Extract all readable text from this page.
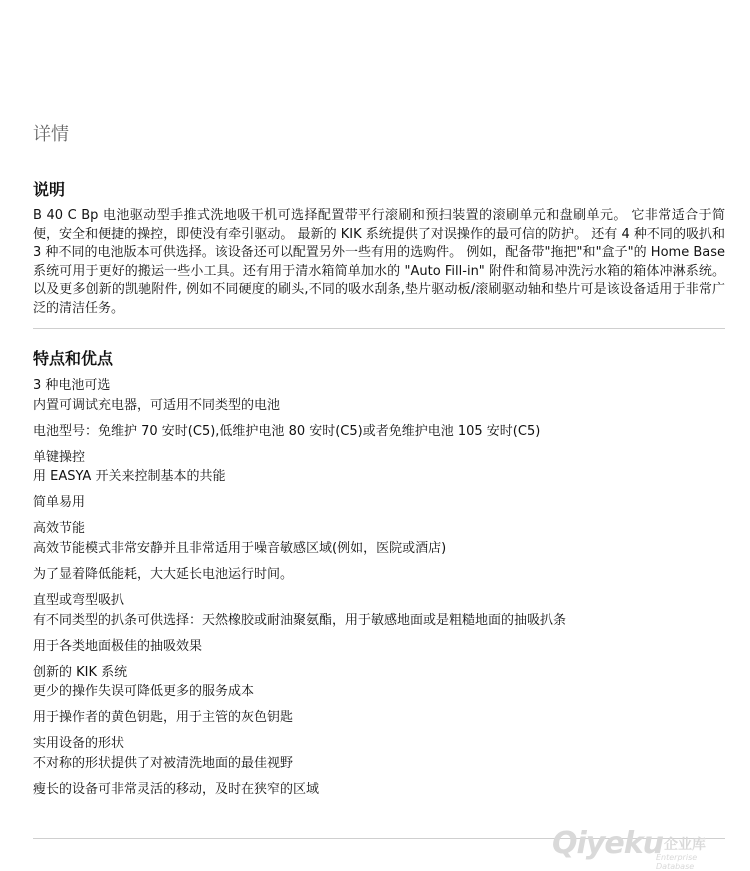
详情
说明

B 40 C Bp 电池驱动型手推式洗地吸干机可选择配置带平行滚刷和预扫装置的滚刷单元和盘刷单元。 它非常适合于简便，安全和便捷的操控，即使没有牵引驱动。 最新的 KIK 系统提供了对误操作的最可信的防护。 还有 4 种不同的吸扒和 3 种不同的电池版本可供选择。该设备还可以配置另外一些有用的选购件。 例如，配备带"拖把"和"盒子"的 Home Base 系统可用于更好的搬运一些小工具。还有用于清水箱简单加水的 "Auto Fill-in" 附件和简易冲洗污水箱的箱体冲淋系统。以及更多创新的凯驰附件, 例如不同硬度的刷头,不同的吸水刮条,垫片驱动板/滚刷驱动轴和垫片可是该设备适用于非常广泛的清洁任务。

特点和优点
3 种电池可选
内置可调试充电器，可适用不同类型的电池
电池型号：免维护 70 安时(C5),低维护电池 80 安时(C5)或者免维护电池 105 安时(C5)
单键操控
用 EASYA 开关来控制基本的共能
简单易用
高效节能
高效节能模式非常安静并且非常适用于噪音敏感区域(例如，医院或酒店)
为了显着降低能耗，大大延长电池运行时间。
直型或弯型吸扒
有不同类型的扒条可供选择：天然橡胶或耐油聚氨酯，用于敏感地面或是粗糙地面的抽吸扒条
用于各类地面极佳的抽吸效果
创新的 KIK 系统
更少的操作失误可降低更多的服务成本
用于操作者的黄色钥匙，用于主管的灰色钥匙
实用设备的形状
不对称的形状提供了对被清洗地面的最佳视野
瘦长的设备可非常灵活的移动，及时在狭窄的区域
Qiyeku 企业库
Enterprise Database
